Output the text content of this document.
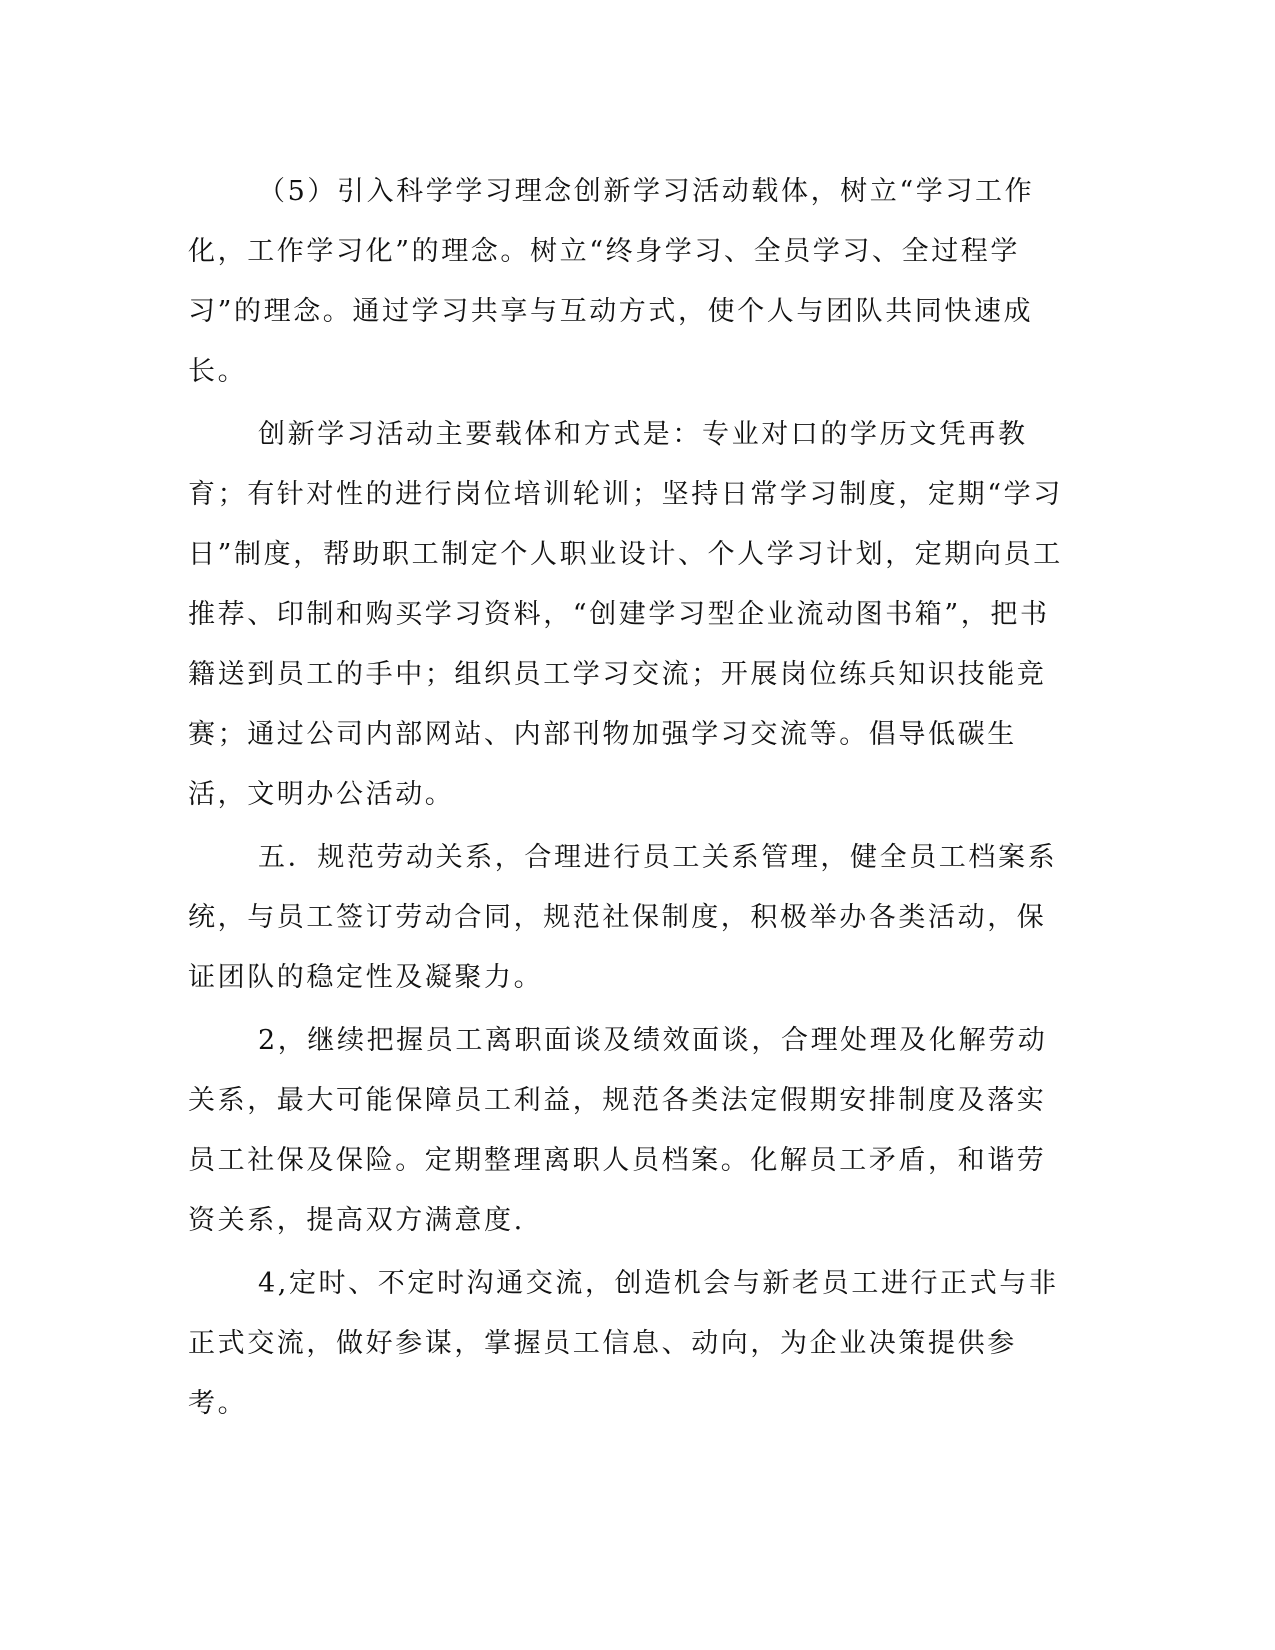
（5）引入科学学习理念创新学习活动载体，树立“学习工作化，工作学习化”的理念。树立“终身学习、全员学习、全过程学习”的理念。通过学习共享与互动方式，使个人与团队共同快速成长。

创新学习活动主要载体和方式是：专业对口的学历文凭再教育；有针对性的进行岗位培训轮训；坚持日常学习制度，定期“学习日”制度，帮助职工制定个人职业设计、个人学习计划，定期向员工推荐、印制和购买学习资料，“创建学习型企业流动图书箱”，把书籍送到员工的手中；组织员工学习交流；开展岗位练兵知识技能竞赛；通过公司内部网站、内部刊物加强学习交流等。倡导低碳生活，文明办公活动。

五．规范劳动关系，合理进行员工关系管理，健全员工档案系统，与员工签订劳动合同，规范社保制度，积极举办各类活动，保证团队的稳定性及凝聚力。

2，继续把握员工离职面谈及绩效面谈，合理处理及化解劳动关系，最大可能保障员工利益，规范各类法定假期安排制度及落实员工社保及保险。定期整理离职人员档案。化解员工矛盾，和谐劳资关系，提高双方满意度.

4,定时、不定时沟通交流，创造机会与新老员工进行正式与非正式交流，做好参谋，掌握员工信息、动向，为企业决策提供参考。
